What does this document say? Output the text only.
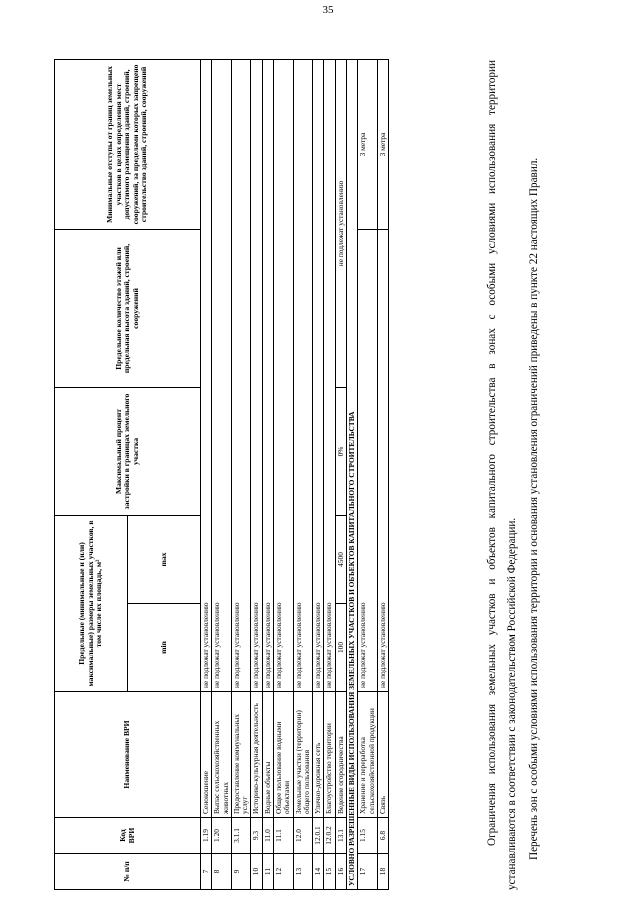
35
№ п/п	Код ВРИ	Наименование ВРИ	Предельные (минимальные и (или) максимальные) размеры земельных участков, в том числе их площадь, м²		Максимальный процент застройки в границах земельного участка	Предельное количество этажей или предельная высота зданий, строений, сооружений	Минимальные отступы от границ земельных участков в целях определения мест допустимого размещения зданий, строений, сооружений, за пределами которых запрещено строительство зданий, строений, сооружений
			min	max			
7	1.19	Сенокошение	не подлежат установлению				
8	1.20	Выпас сельскохозяйственных животных	не подлежат установлению				
9	3.1.1	Предоставление коммунальных услуг	не подлежат установлению				
10	9.3	Историко-культурная деятельность	не подлежат установлению				
11	11.0	Водные объекты	не подлежат установлению				
12	11.1	Общее пользование водными объектами	не подлежат установлению				
13	12.0	Земельные участки (территории) общего пользования	не подлежат установлению				
14	12.0.1	Улично-дорожная сеть	не подлежат установлению				
15	12.0.2	Благоустройство территории	не подлежат установлению				
16	13.1	Ведение огородничества	100	4500	0%	не подлежат установлению	
УСЛОВНО РАЗРЕШЕННЫЕ ВИДЫ ИСПОЛЬЗОВАНИЯ ЗЕМЕЛЬНЫХ УЧАСТКОВ И ОБЪЕКТОВ КАПИТАЛЬНОГО СТРОИТЕЛЬСТВА							
17	1.15	Хранение и переработка сельскохозяйственной продукции	не подлежат установлению				3 метра
18	6.8	Связь	не подлежат установлению				3 метра	Ограничения использования земельных участков и объектов капитального строительства в зонах с особыми условиями использования территории устанавливаются в соответствии с законодательством Российской Федерации. Перечень зон с особыми условиями использования территории и основания установления ограничений приведены в пункте 22 настоящих Правил.
